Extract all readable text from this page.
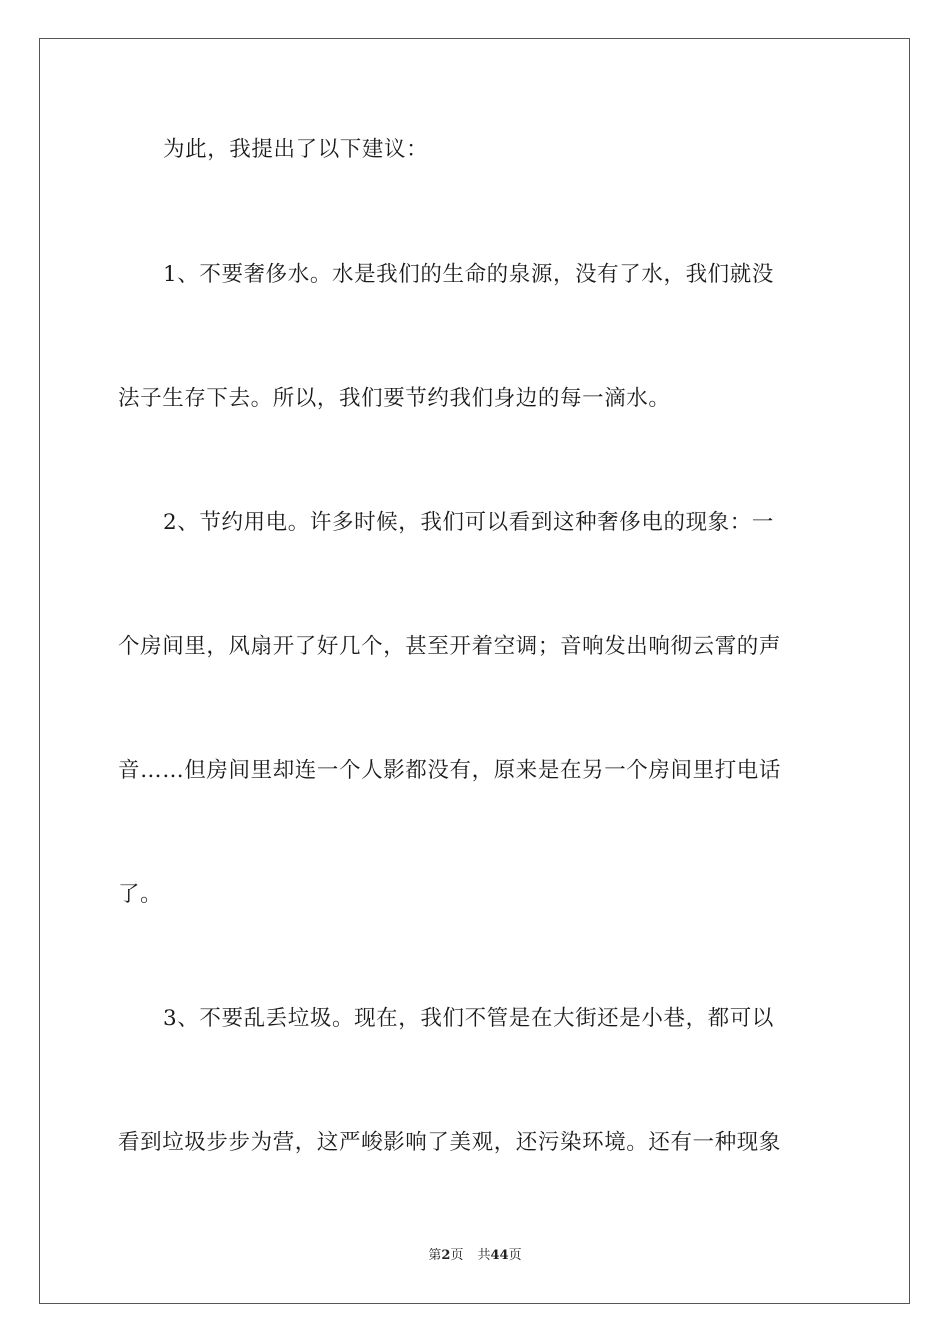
为此，我提出了以下建议：
1、不要奢侈水。水是我们的生命的泉源，没有了水，我们就没
法子生存下去。所以，我们要节约我们身边的每一滴水。
2、节约用电。许多时候，我们可以看到这种奢侈电的现象：一
个房间里，风扇开了好几个，甚至开着空调；音响发出响彻云霄的声
音……但房间里却连一个人影都没有，原来是在另一个房间里打电话
了。
3、不要乱丢垃圾。现在，我们不管是在大街还是小巷，都可以
看到垃圾步步为营，这严峻影响了美观，还污染环境。还有一种现象
第2页 共44页
